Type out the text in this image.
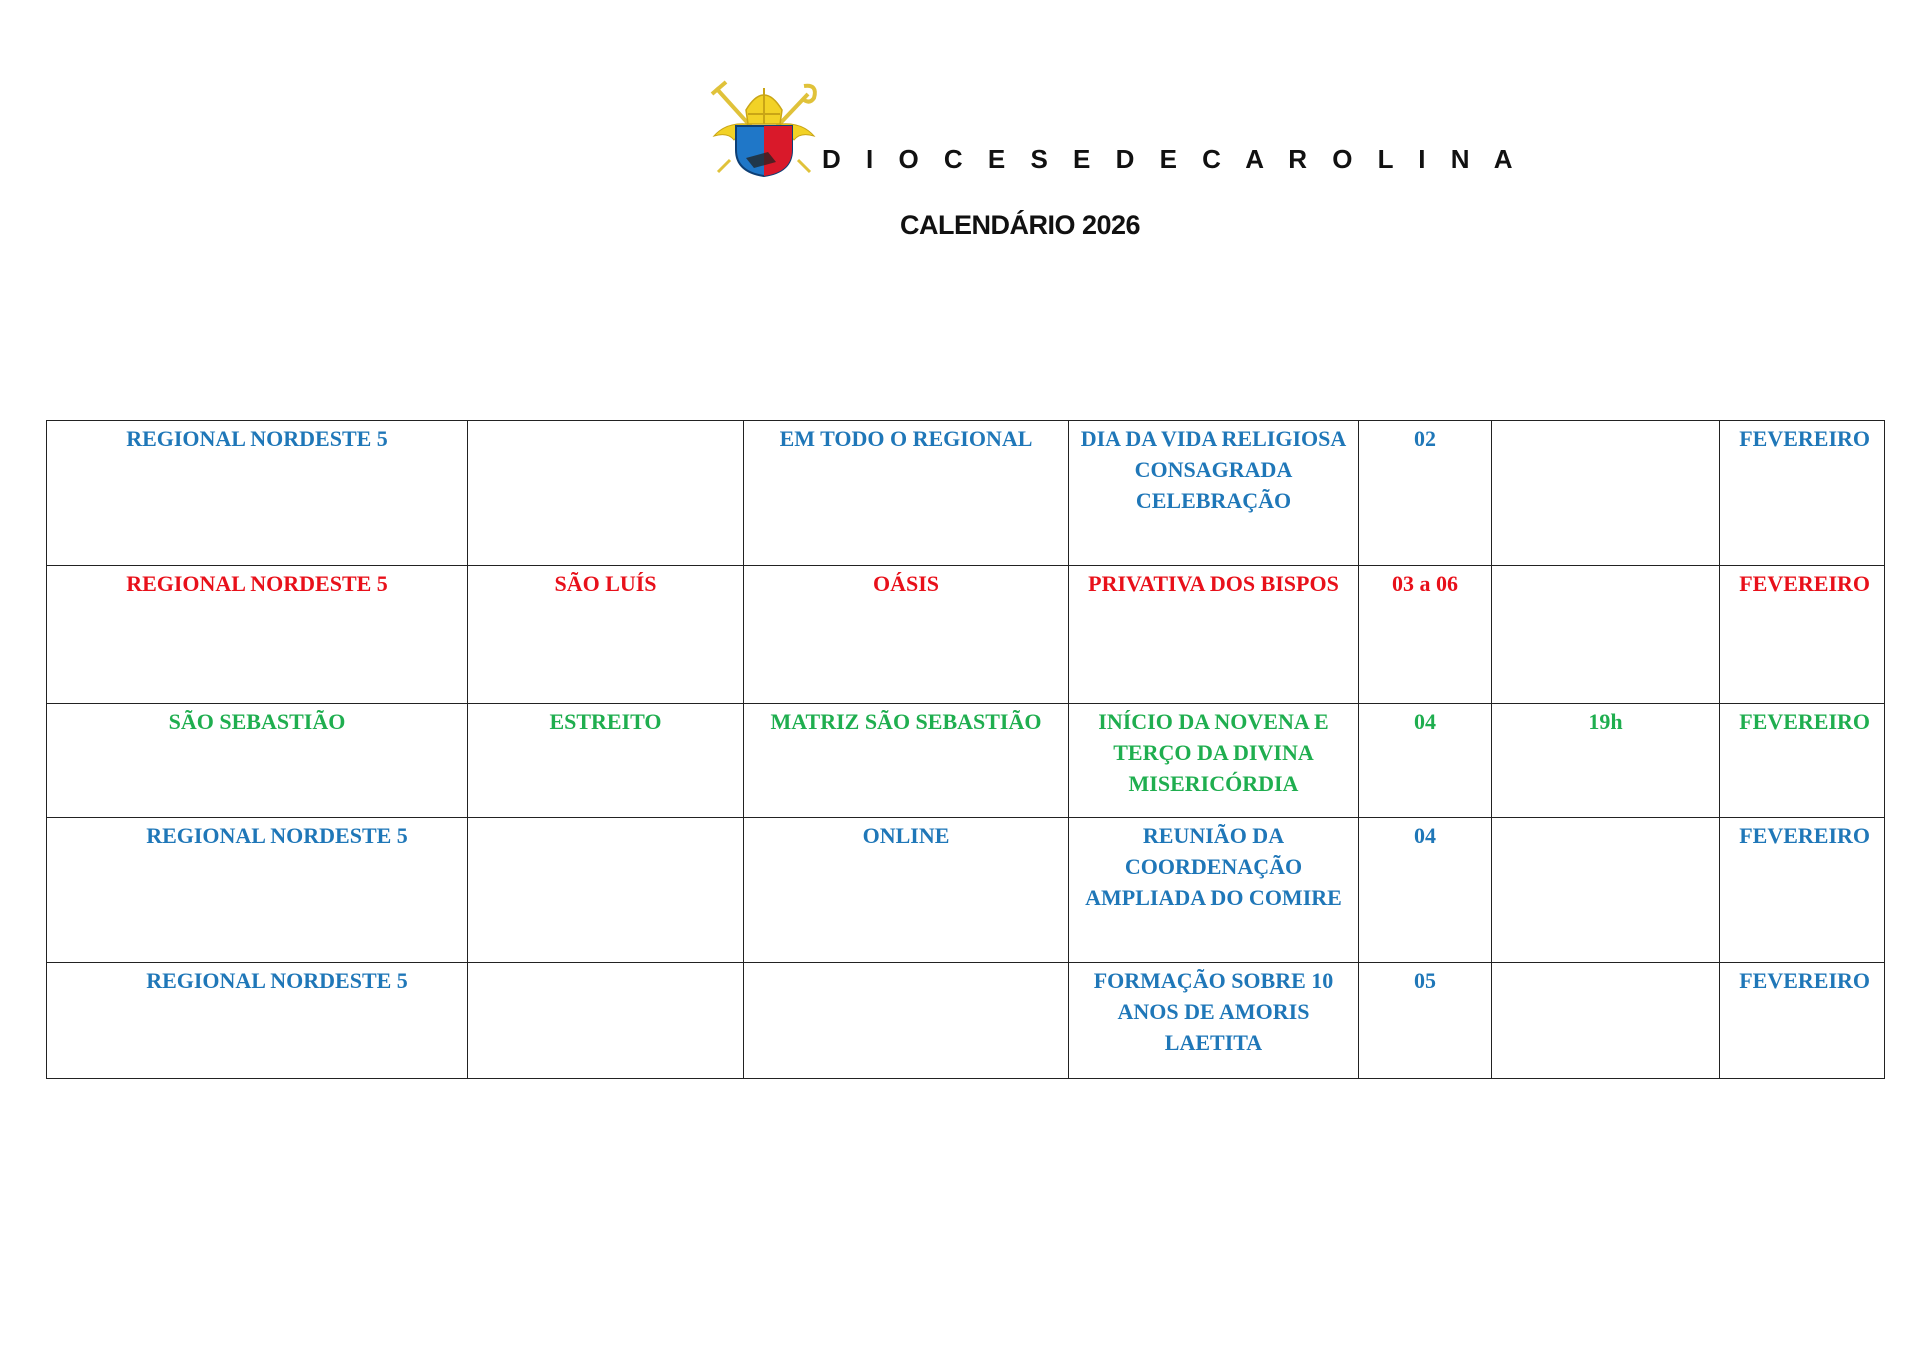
D I O C E S E D E C A R O L I N A
CALENDÁRIO 2026
REGIONAL NORDESTE 5		EM TODO O REGIONAL	DIA DA VIDA RELIGIOSA CONSAGRADA CELEBRAÇÃO	02		FEVEREIRO
REGIONAL NORDESTE 5	SÃO LUÍS	OÁSIS	PRIVATIVA DOS BISPOS	03 a 06		FEVEREIRO
SÃO SEBASTIÃO	ESTREITO	MATRIZ SÃO SEBASTIÃO	INÍCIO DA NOVENA E TERÇO DA DIVINA MISERICÓRDIA	04	19h	FEVEREIRO
REGIONAL NORDESTE 5		ONLINE	REUNIÃO DA COORDENAÇÃO AMPLIADA DO COMIRE	04		FEVEREIRO
REGIONAL NORDESTE 5			FORMAÇÃO SOBRE 10 ANOS DE AMORIS LAETITA	05		FEVEREIRO
